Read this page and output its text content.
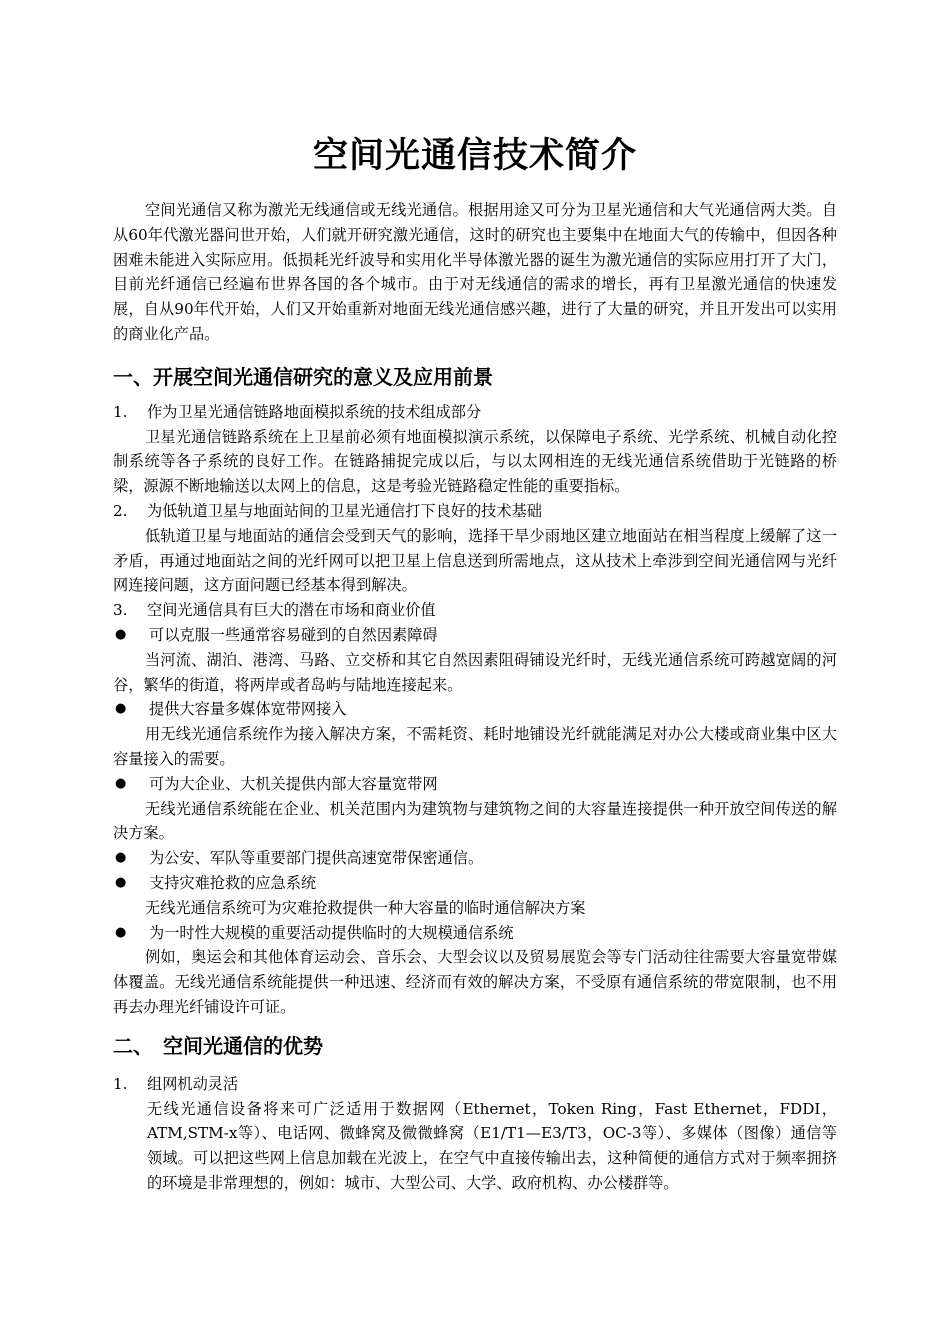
空间光通信技术简介

空间光通信又称为激光无线通信或无线光通信。根据用途又可分为卫星光通信和大气光通信两大类。自从60年代激光器问世开始，人们就开研究激光通信，这时的研究也主要集中在地面大气的传输中，但因各种困难未能进入实际应用。低损耗光纤波导和实用化半导体激光器的诞生为激光通信的实际应用打开了大门，目前光纤通信已经遍布世界各国的各个城市。由于对无线通信的需求的增长，再有卫星激光通信的快速发展，自从90年代开始，人们又开始重新对地面无线光通信感兴趣，进行了大量的研究，并且开发出可以实用的商业化产品。

一、开展空间光通信研究的意义及应用前景
1.	作为卫星光通信链路地面模拟系统的技术组成部分

卫星光通信链路系统在上卫星前必须有地面模拟演示系统，以保障电子系统、光学系统、机械自动化控制系统等各子系统的良好工作。在链路捕捉完成以后，与以太网相连的无线光通信系统借助于光链路的桥梁，源源不断地输送以太网上的信息，这是考验光链路稳定性能的重要指标。

2.	为低轨道卫星与地面站间的卫星光通信打下良好的技术基础

低轨道卫星与地面站的通信会受到天气的影响，选择干旱少雨地区建立地面站在相当程度上缓解了这一矛盾，再通过地面站之间的光纤网可以把卫星上信息送到所需地点，这从技术上牵涉到空间光通信网与光纤网连接问题，这方面问题已经基本得到解决。

3.	空间光通信具有巨大的潜在市场和商业价值
●	可以克服一些通常容易碰到的自然因素障碍

当河流、湖泊、港湾、马路、立交桥和其它自然因素阻碍铺设光纤时，无线光通信系统可跨越宽阔的河谷，繁华的街道，将两岸或者岛屿与陆地连接起来。

●	提供大容量多媒体宽带网接入

用无线光通信系统作为接入解决方案，不需耗资、耗时地铺设光纤就能满足对办公大楼或商业集中区大容量接入的需要。

●	可为大企业、大机关提供内部大容量宽带网

无线光通信系统能在企业、机关范围内为建筑物与建筑物之间的大容量连接提供一种开放空间传送的解决方案。

●	为公安、军队等重要部门提供高速宽带保密通信。
●	支持灾难抢救的应急系统

无线光通信系统可为灾难抢救提供一种大容量的临时通信解决方案

●	为一时性大规模的重要活动提供临时的大规模通信系统

例如，奥运会和其他体育运动会、音乐会、大型会议以及贸易展览会等专门活动往往需要大容量宽带媒体覆盖。无线光通信系统能提供一种迅速、经济而有效的解决方案，不受原有通信系统的带宽限制，也不用再去办理光纤铺设许可证。

二、　空间光通信的优势
1.	组网机动灵活

无线光通信设备将来可广泛适用于数据网（Ethernet，Token Ring，Fast Ethernet，FDDI，ATM,STM-x等）、电话网、微蜂窝及微微蜂窝（E1/T1—E3/T3，OC-3等）、多媒体（图像）通信等领域。可以把这些网上信息加载在光波上，在空气中直接传输出去，这种简便的通信方式对于频率拥挤的环境是非常理想的，例如：城市、大型公司、大学、政府机构、办公楼群等。
